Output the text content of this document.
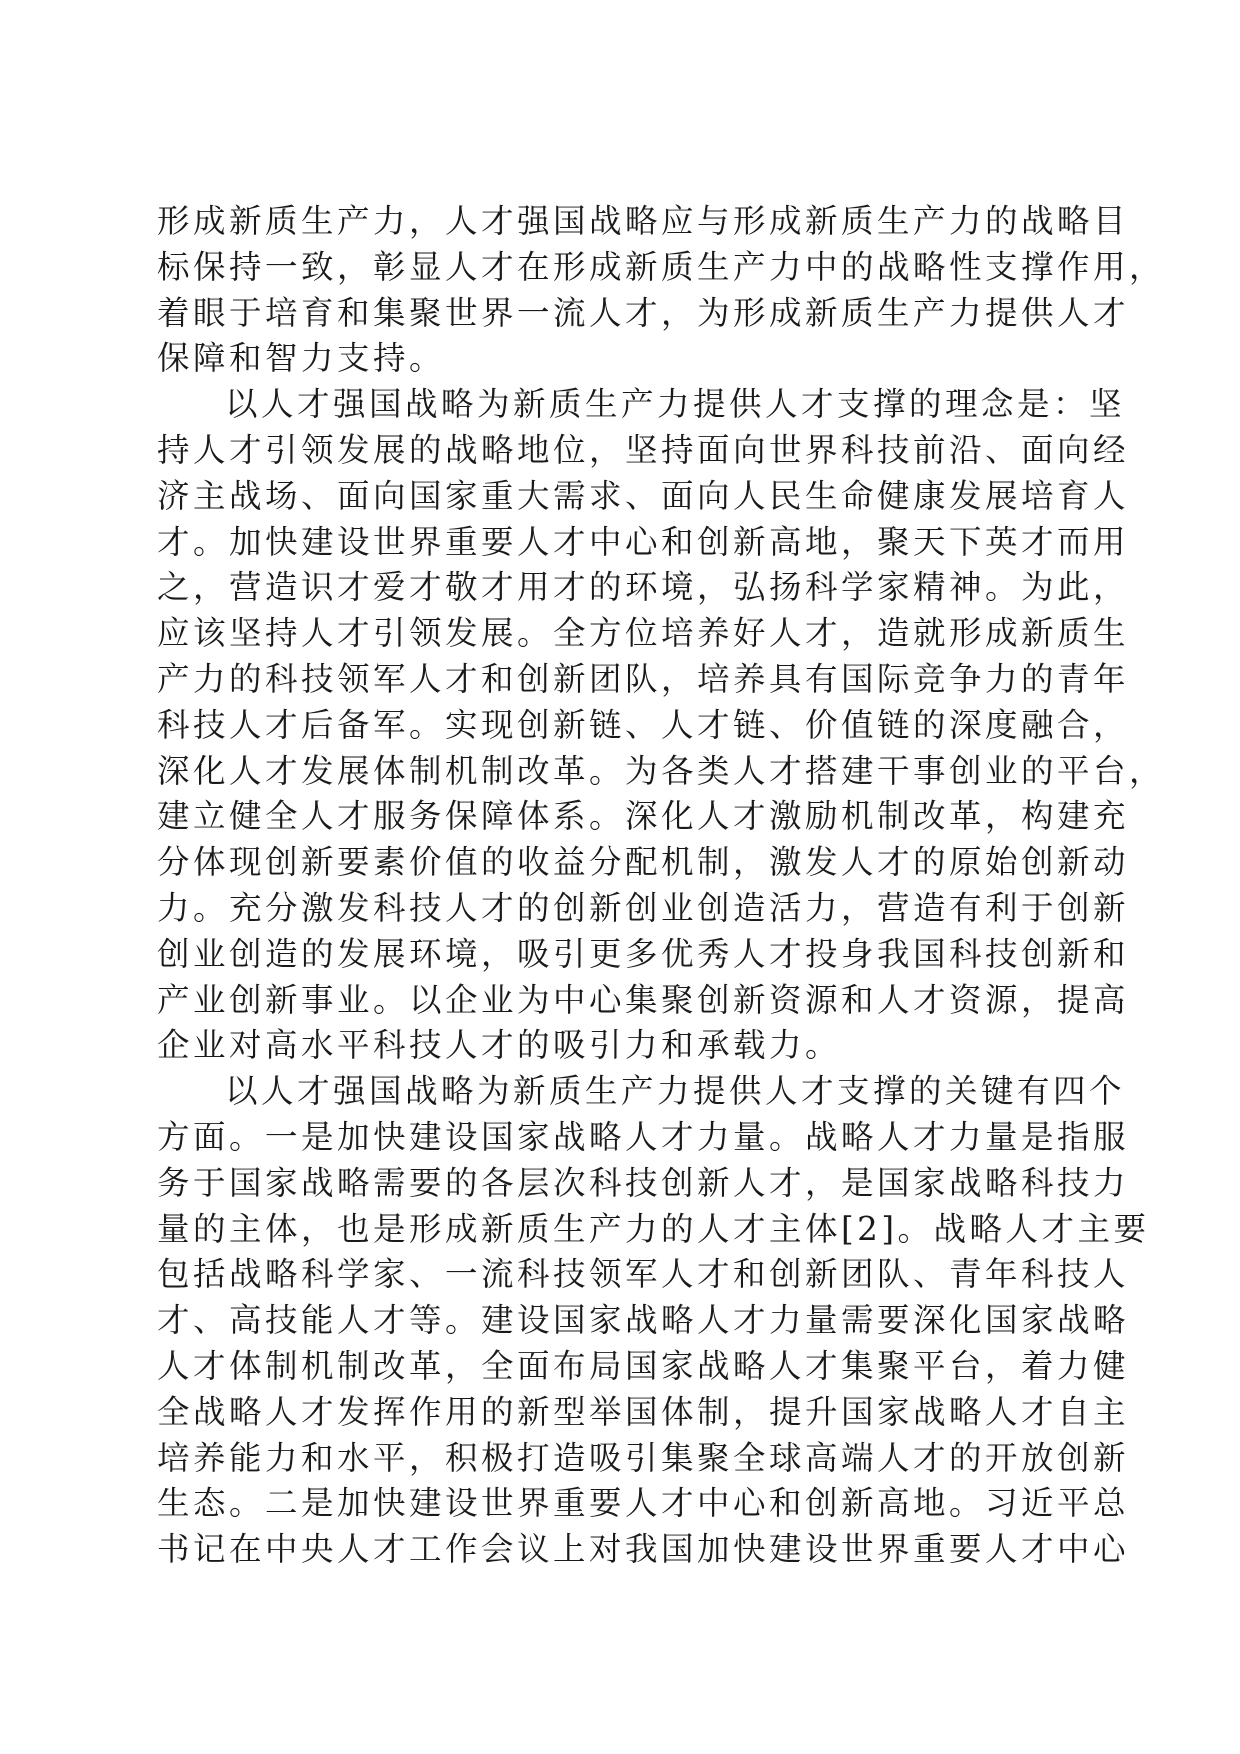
形成新质生产力，人才强国战略应与形成新质生产力的战略目
标保持一致，彰显人才在形成新质生产力中的战略性支撑作用，
着眼于培育和集聚世界一流人才，为形成新质生产力提供人才
保障和智力支持。
以人才强国战略为新质生产力提供人才支撑的理念是：坚
持人才引领发展的战略地位，坚持面向世界科技前沿、面向经
济主战场、面向国家重大需求、面向人民生命健康发展培育人
才。加快建设世界重要人才中心和创新高地，聚天下英才而用
之，营造识才爱才敬才用才的环境，弘扬科学家精神。为此，
应该坚持人才引领发展。全方位培养好人才，造就形成新质生
产力的科技领军人才和创新团队，培养具有国际竞争力的青年
科技人才后备军。实现创新链、人才链、价值链的深度融合，
深化人才发展体制机制改革。为各类人才搭建干事创业的平台，
建立健全人才服务保障体系。深化人才激励机制改革，构建充
分体现创新要素价值的收益分配机制，激发人才的原始创新动
力。充分激发科技人才的创新创业创造活力，营造有利于创新
创业创造的发展环境，吸引更多优秀人才投身我国科技创新和
产业创新事业。以企业为中心集聚创新资源和人才资源，提高
企业对高水平科技人才的吸引力和承载力。
以人才强国战略为新质生产力提供人才支撑的关键有四个
方面。一是加快建设国家战略人才力量。战略人才力量是指服
务于国家战略需要的各层次科技创新人才，是国家战略科技力
量的主体，也是形成新质生产力的人才主体[2]。战略人才主要
包括战略科学家、一流科技领军人才和创新团队、青年科技人
才、高技能人才等。建设国家战略人才力量需要深化国家战略
人才体制机制改革，全面布局国家战略人才集聚平台，着力健
全战略人才发挥作用的新型举国体制，提升国家战略人才自主
培养能力和水平，积极打造吸引集聚全球高端人才的开放创新
生态。二是加快建设世界重要人才中心和创新高地。习近平总
书记在中央人才工作会议上对我国加快建设世界重要人才中心
